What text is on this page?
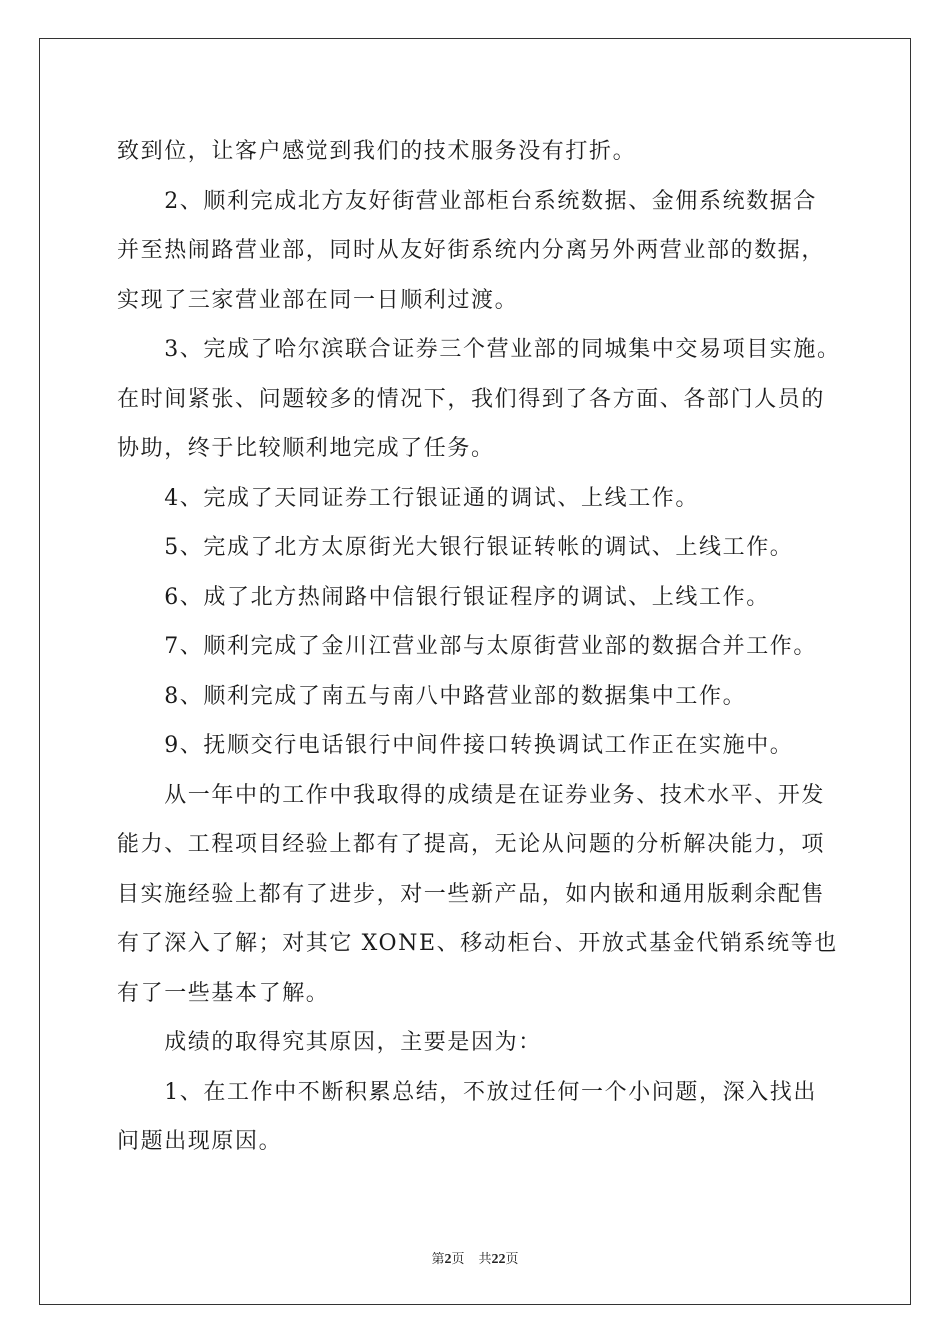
致到位，让客户感觉到我们的技术服务没有打折。
　　2、顺利完成北方友好街营业部柜台系统数据、金佣系统数据合
并至热闹路营业部，同时从友好街系统内分离另外两营业部的数据，
实现了三家营业部在同一日顺利过渡。
　　3、完成了哈尔滨联合证券三个营业部的同城集中交易项目实施。
在时间紧张、问题较多的情况下，我们得到了各方面、各部门人员的
协助，终于比较顺利地完成了任务。
　　4、完成了天同证券工行银证通的调试、上线工作。
　　5、完成了北方太原街光大银行银证转帐的调试、上线工作。
　　6、成了北方热闹路中信银行银证程序的调试、上线工作。
　　7、顺利完成了金川江营业部与太原街营业部的数据合并工作。
　　8、顺利完成了南五与南八中路营业部的数据集中工作。
　　9、抚顺交行电话银行中间件接口转换调试工作正在实施中。
　　从一年中的工作中我取得的成绩是在证券业务、技术水平、开发
能力、工程项目经验上都有了提高，无论从问题的分析解决能力，项
目实施经验上都有了进步，对一些新产品，如内嵌和通用版剩余配售
有了深入了解；对其它 XONE、移动柜台、开放式基金代销系统等也
有了一些基本了解。
　　成绩的取得究其原因，主要是因为：
　　1、在工作中不断积累总结，不放过任何一个小问题，深入找出
问题出现原因。
第2页 共22页
